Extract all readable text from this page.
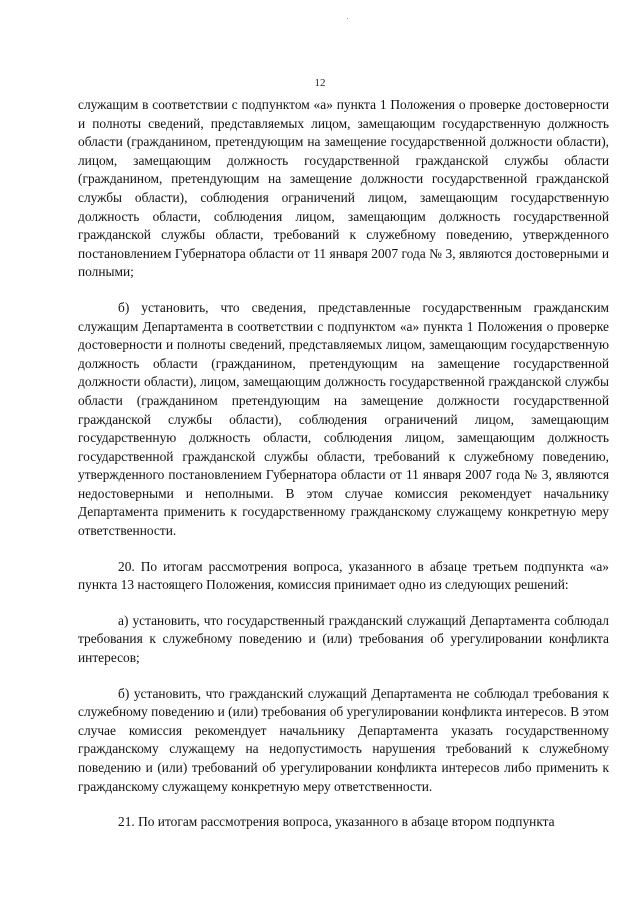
12

служащим в соответствии с подпунктом «а» пункта 1 Положения о проверке достоверности и полноты сведений, представляемых лицом, замещающим государственную должность области (гражданином, претендующим на замещение государственной должности области), лицом, замещающим должность государственной гражданской службы области (гражданином, претендующим на замещение должности государственной гражданской службы области), соблюдения ограничений лицом, замещающим государственную должность области, соблюдения лицом, замещающим должность государственной гражданской службы области, требований к служебному поведению, утвержденного постановлением Губернатора области от 11 января 2007 года № 3, являются достоверными и полными;

б) установить, что сведения, представленные государственным гражданским служащим Департамента в соответствии с подпунктом «а» пункта 1 Положения о проверке достоверности и полноты сведений, представляемых лицом, замещающим государственную должность области (гражданином, претендующим на замещение государственной должности области), лицом, замещающим должность государственной гражданской службы области (гражданином претендующим на замещение должности государственной гражданской службы области), соблюдения ограничений лицом, замещающим государственную должность области, соблюдения лицом, замещающим должность государственной гражданской службы области, требований к служебному поведению, утвержденного постановлением Губернатора области от 11 января 2007 года № 3, являются недостоверными и неполными. В этом случае комиссия рекомендует начальнику Департамента применить к государственному гражданскому служащему конкретную меру ответственности.

20. По итогам рассмотрения вопроса, указанного в абзаце третьем подпункта «а» пункта 13 настоящего Положения, комиссия принимает одно из следующих решений:

а) установить, что государственный гражданский служащий Департамента соблюдал требования к служебному поведению и (или) требования об урегулировании конфликта интересов;

б) установить, что гражданский служащий Департамента не соблюдал требования к служебному поведению и (или) требования об урегулировании конфликта интересов. В этом случае комиссия рекомендует начальнику Департамента указать государственному гражданскому служащему на недопустимость нарушения требований к служебному поведению и (или) требований об урегулировании конфликта интересов либо применить к гражданскому служащему конкретную меру ответственности.

21. По итогам рассмотрения вопроса, указанного в абзаце втором подпункта
